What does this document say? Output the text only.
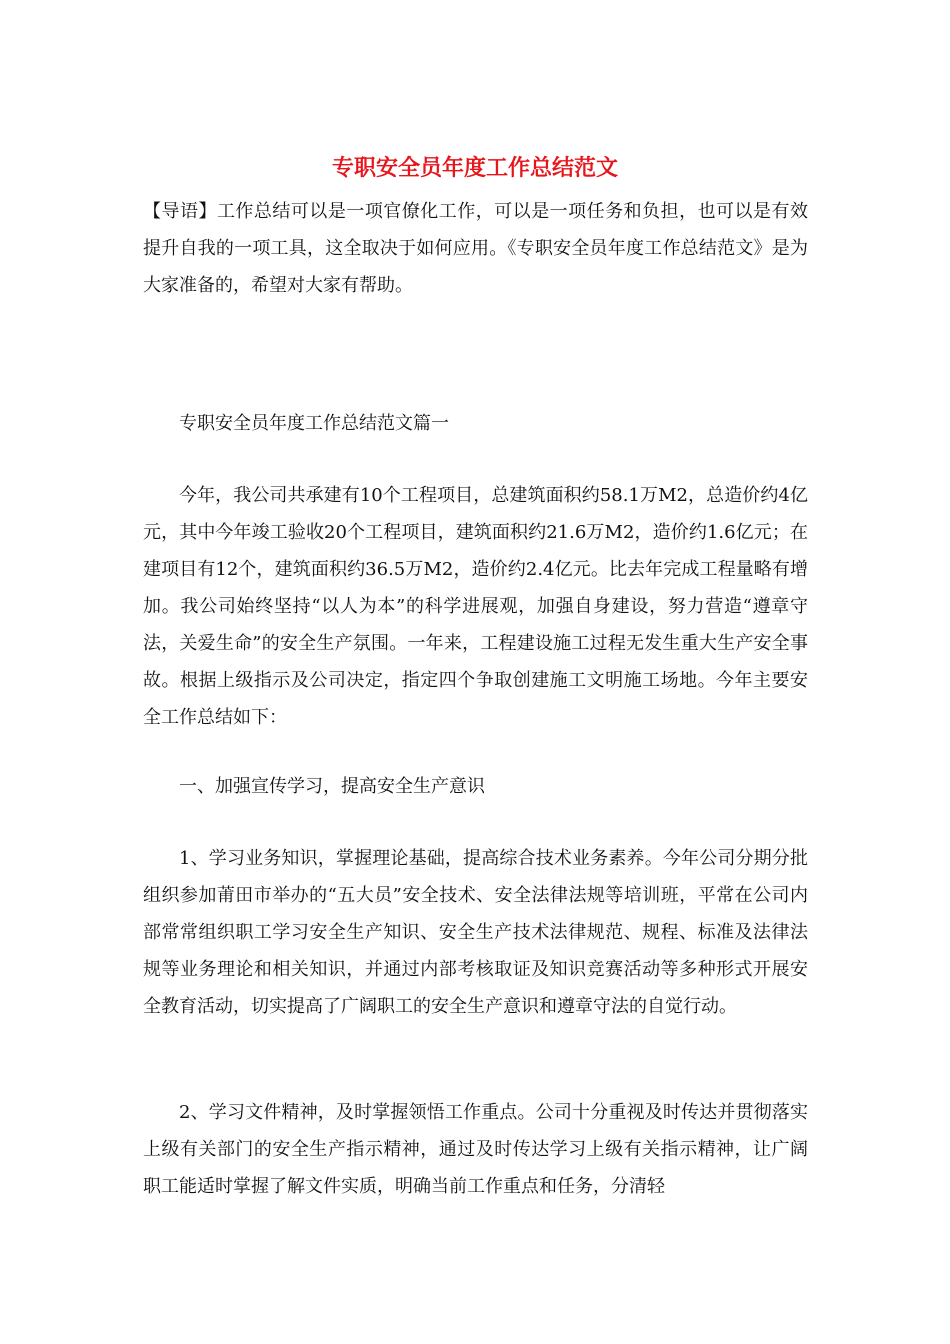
专职安全员年度工作总结范文

【导语】工作总结可以是一项官僚化工作，可以是一项任务和负担，也可以是有效提升自我的一项工具，这全取决于如何应用。《专职安全员年度工作总结范文》是为大家准备的，希望对大家有帮助。

专职安全员年度工作总结范文篇一

今年，我公司共承建有10个工程项目，总建筑面积约58.1万M2，总造价约4亿元，其中今年竣工验收20个工程项目，建筑面积约21.6万M2，造价约1.6亿元；在建项目有12个，建筑面积约36.5万M2，造价约2.4亿元。比去年完成工程量略有增加。我公司始终坚持“以人为本”的科学进展观，加强自身建设，努力营造“遵章守法，关爱生命”的安全生产氛围。一年来，工程建设施工过程无发生重大生产安全事故。根据上级指示及公司决定，指定四个争取创建施工文明施工场地。今年主要安全工作总结如下：

一、加强宣传学习，提高安全生产意识

1、学习业务知识，掌握理论基础，提高综合技术业务素养。今年公司分期分批组织参加莆田市举办的“五大员”安全技术、安全法律法规等培训班，平常在公司内部常常组织职工学习安全生产知识、安全生产技术法律规范、规程、标准及法律法规等业务理论和相关知识，并通过内部考核取证及知识竞赛活动等多种形式开展安全教育活动，切实提高了广阔职工的安全生产意识和遵章守法的自觉行动。

2、学习文件精神，及时掌握领悟工作重点。公司十分重视及时传达并贯彻落实上级有关部门的安全生产指示精神，通过及时传达学习上级有关指示精神，让广阔职工能适时掌握了解文件实质，明确当前工作重点和任务，分清轻
